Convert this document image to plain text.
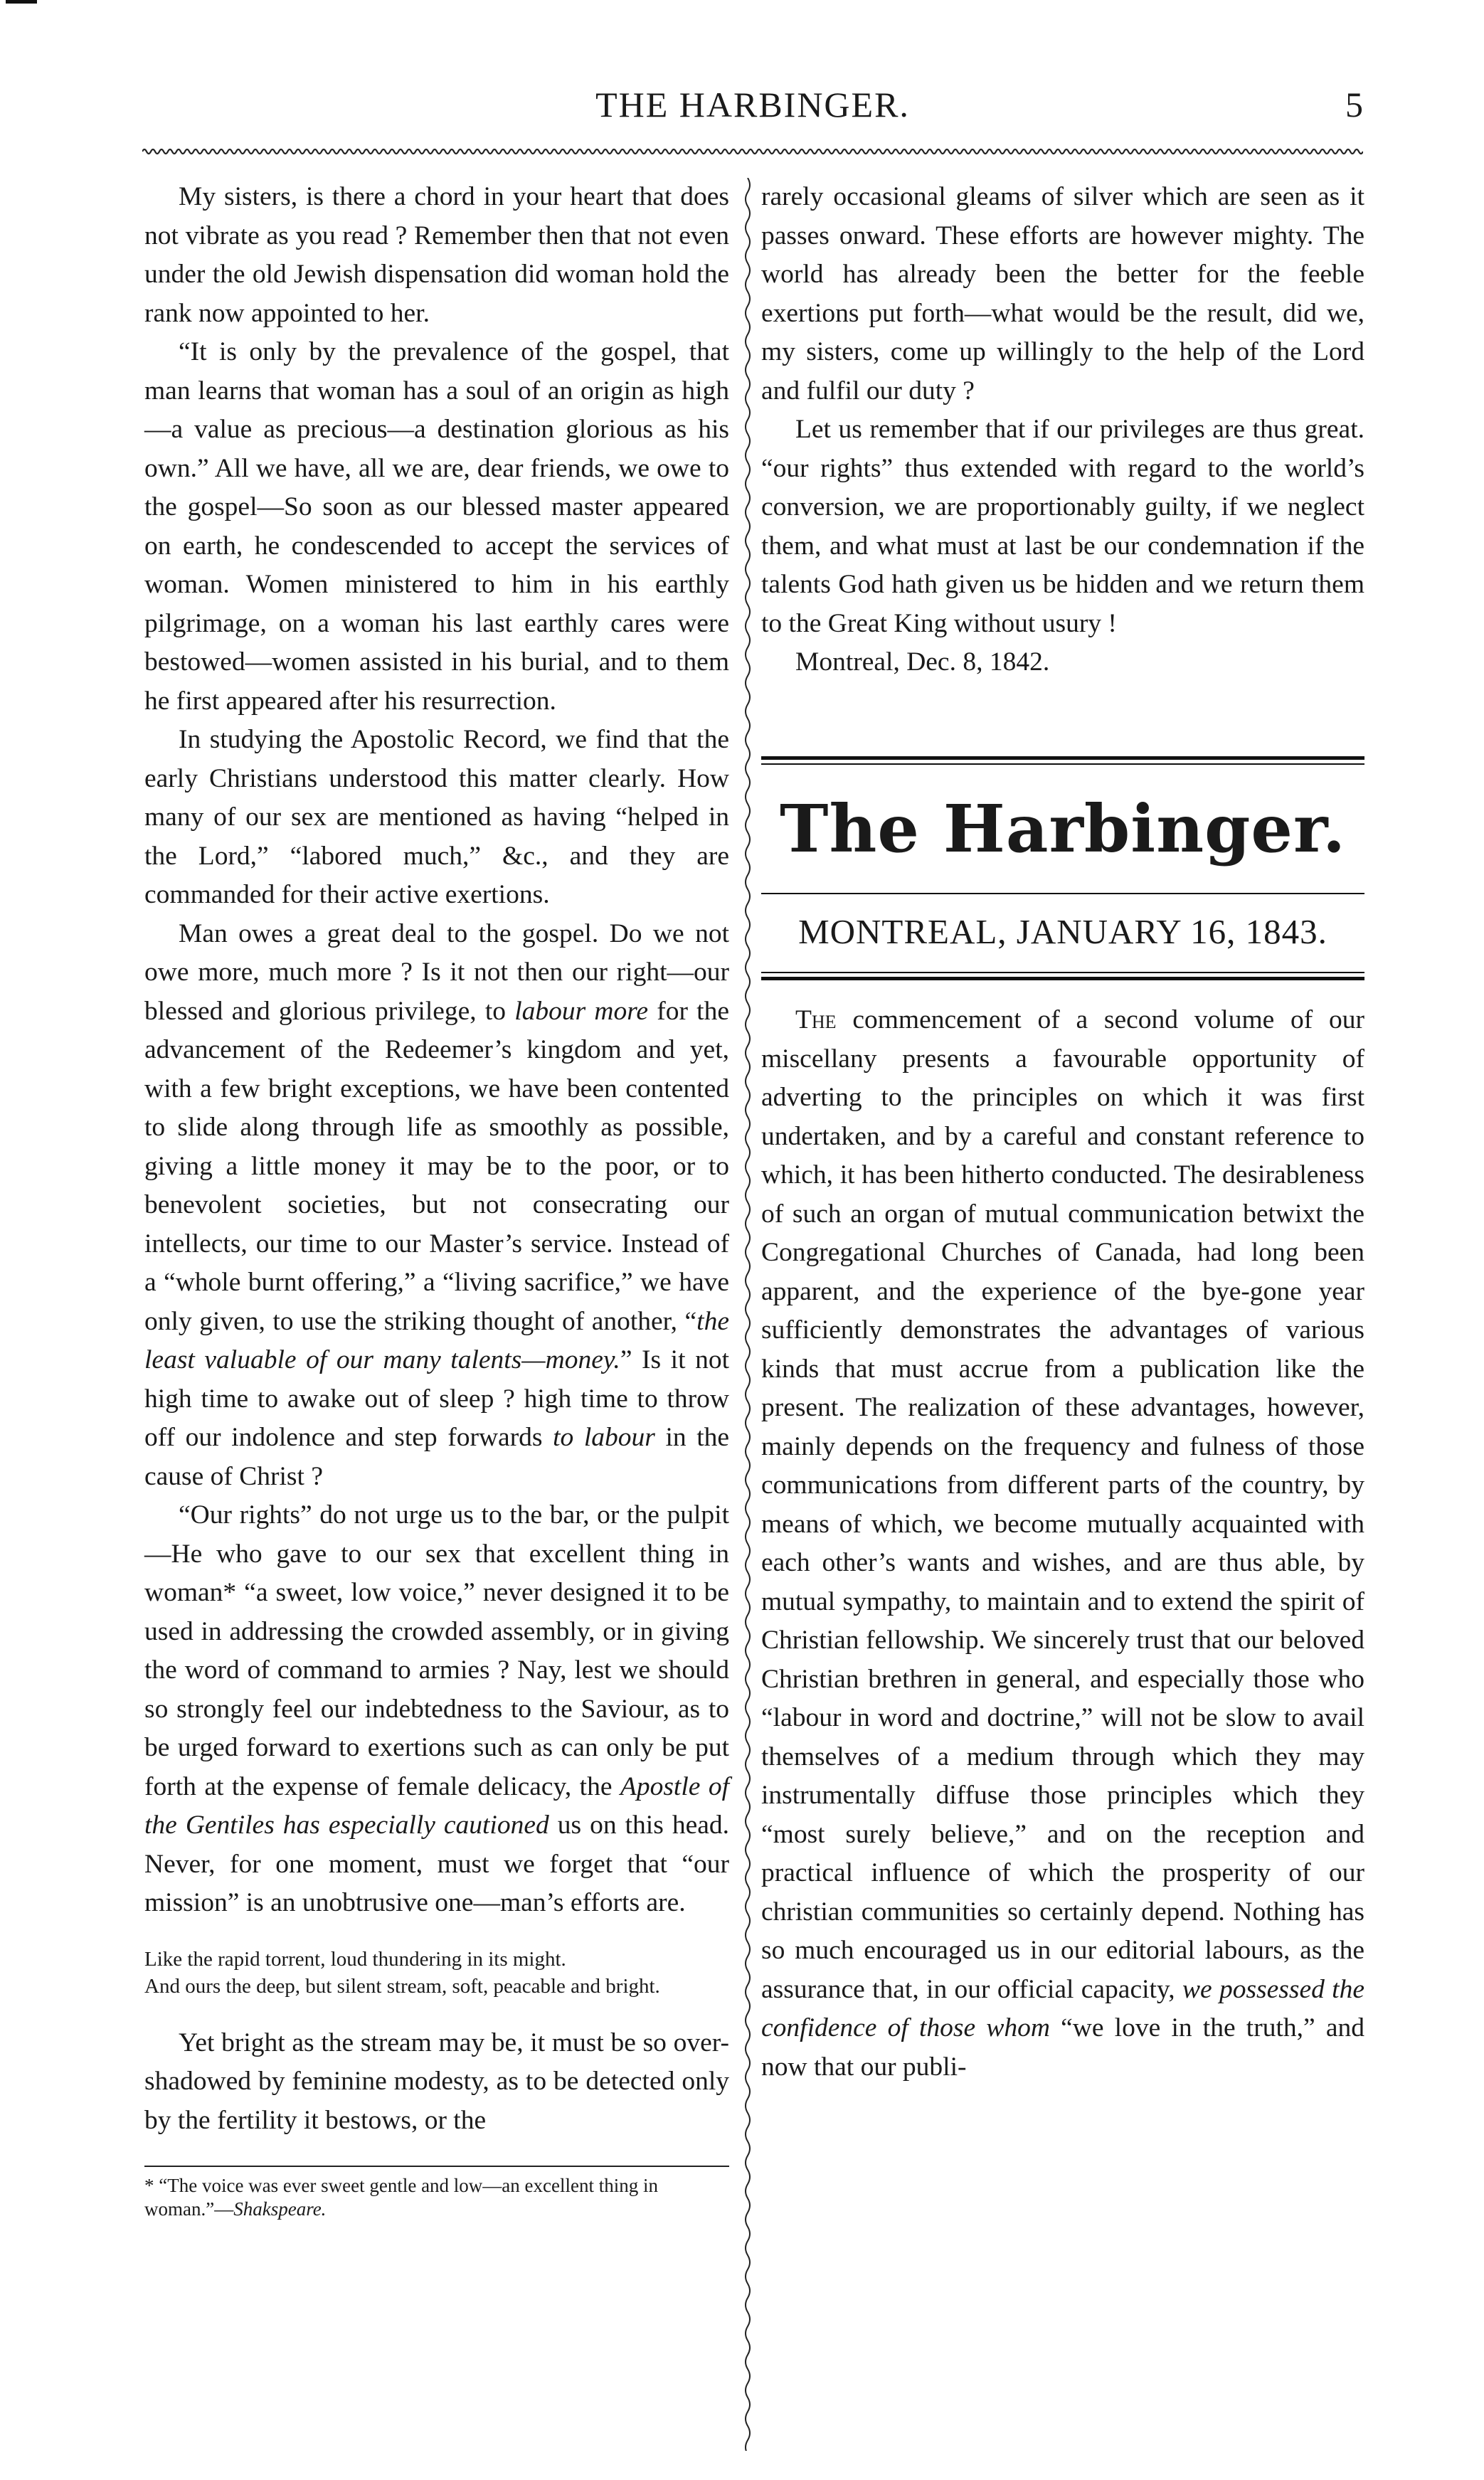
THE HARBINGER.	5

My sisters, is there a chord in your heart that does not vibrate as you read ? Remember then that not even under the old Jewish dispensation did woman hold the rank now appointed to her.

“It is only by the prevalence of the gospel, that man learns that woman has a soul of an origin as high—a value as precious—a destination glorious as his own.” All we have, all we are, dear friends, we owe to the gospel—So soon as our blessed master appeared on earth, he condescended to accept the services of woman. Women ministered to him in his earthly pilgrimage, on a woman his last earthly cares were bestowed—women assisted in his burial, and to them he first appeared after his resurrection.

In studying the Apostolic Record, we find that the early Christians understood this matter clearly. How many of our sex are mentioned as having “helped in the Lord,” “labored much,” &c., and they are commanded for their active exertions.

Man owes a great deal to the gospel. Do we not owe more, much more ? Is it not then our right—our blessed and glorious privilege, to labour more for the advancement of the Redeemer’s kingdom and yet, with a few bright exceptions, we have been contented to slide along through life as smoothly as possible, giving a little money it may be to the poor, or to benevolent societies, but not consecrating our intellects, our time to our Master’s service. Instead of a “whole burnt offering,” a “living sacrifice,” we have only given, to use the striking thought of another, “the least valuable of our many talents—money.” Is it not high time to awake out of sleep ? high time to throw off our indolence and step forwards to labour in the cause of Christ ?

“Our rights” do not urge us to the bar, or the pulpit—He who gave to our sex that excellent thing in woman* “a sweet, low voice,” never designed it to be used in addressing the crowded assembly, or in giving the word of command to armies ? Nay, lest we should so strongly feel our indebtedness to the Saviour, as to be urged forward to exertions such as can only be put forth at the expense of female delicacy, the Apostle of the Gentiles has especially cautioned us on this head. Never, for one moment, must we forget that “our mission” is an unobtrusive one—man’s efforts are.

Like the rapid torrent, loud thundering in its might.
And ours the deep, but silent stream, soft, peacable and bright.

Yet bright as the stream may be, it must be so over-shadowed by feminine modesty, as to be detected only by the fertility it bestows, or the

* “The voice was ever sweet gentle and low—an excellent thing in woman.”—Shakspeare.

rarely occasional gleams of silver which are seen as it passes onward. These efforts are however mighty. The world has already been the better for the feeble exertions put forth—what would be the result, did we, my sisters, come up willingly to the help of the Lord and fulfil our duty ?

Let us remember that if our privileges are thus great. “our rights” thus extended with regard to the world’s conversion, we are proportionably guilty, if we neglect them, and what must at last be our condemnation if the talents God hath given us be hidden and we return them to the Great King without usury !

Montreal, Dec. 8, 1842.

The Harbinger.
MONTREAL, JANUARY 16, 1843.

The commencement of a second volume of our miscellany presents a favourable opportunity of adverting to the principles on which it was first undertaken, and by a careful and constant reference to which, it has been hitherto conducted. The desirableness of such an organ of mutual communication betwixt the Congregational Churches of Canada, had long been apparent, and the experience of the bye-gone year sufficiently demonstrates the advantages of various kinds that must accrue from a publication like the present. The realization of these advantages, however, mainly depends on the frequency and fulness of those communications from different parts of the country, by means of which, we become mutually acquainted with each other’s wants and wishes, and are thus able, by mutual sympathy, to maintain and to extend the spirit of Christian fellowship. We sincerely trust that our beloved Christian brethren in general, and especially those who “labour in word and doctrine,” will not be slow to avail themselves of a medium through which they may instrumentally diffuse those principles which they “most surely believe,” and on the reception and practical influence of which the prosperity of our christian communities so certainly depend. Nothing has so much encouraged us in our editorial labours, as the assurance that, in our official capacity, we possessed the confidence of those whom “we love in the truth,” and now that our publi-
